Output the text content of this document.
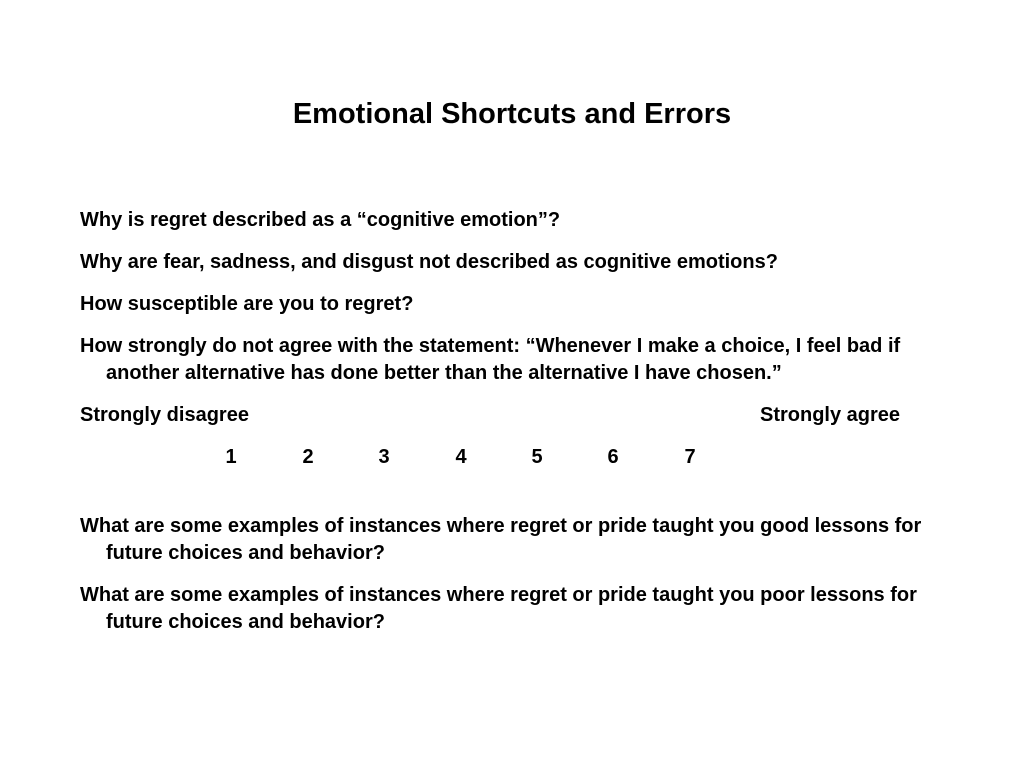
Emotional Shortcuts and Errors

Why is regret described as a “cognitive emotion”?

Why are fear, sadness, and disgust not described as cognitive emotions?

How susceptible are you to regret?

How strongly do not agree with the statement: “Whenever I make a choice, I feel bad if another alternative has done better than the alternative I have chosen.”

Strongly disagree	Strongly agree
1	2	3	4	5	6	7

What are some examples of instances where regret or pride taught you good lessons for future choices and behavior?

What are some examples of instances where regret or pride taught you poor lessons for future choices and behavior?
